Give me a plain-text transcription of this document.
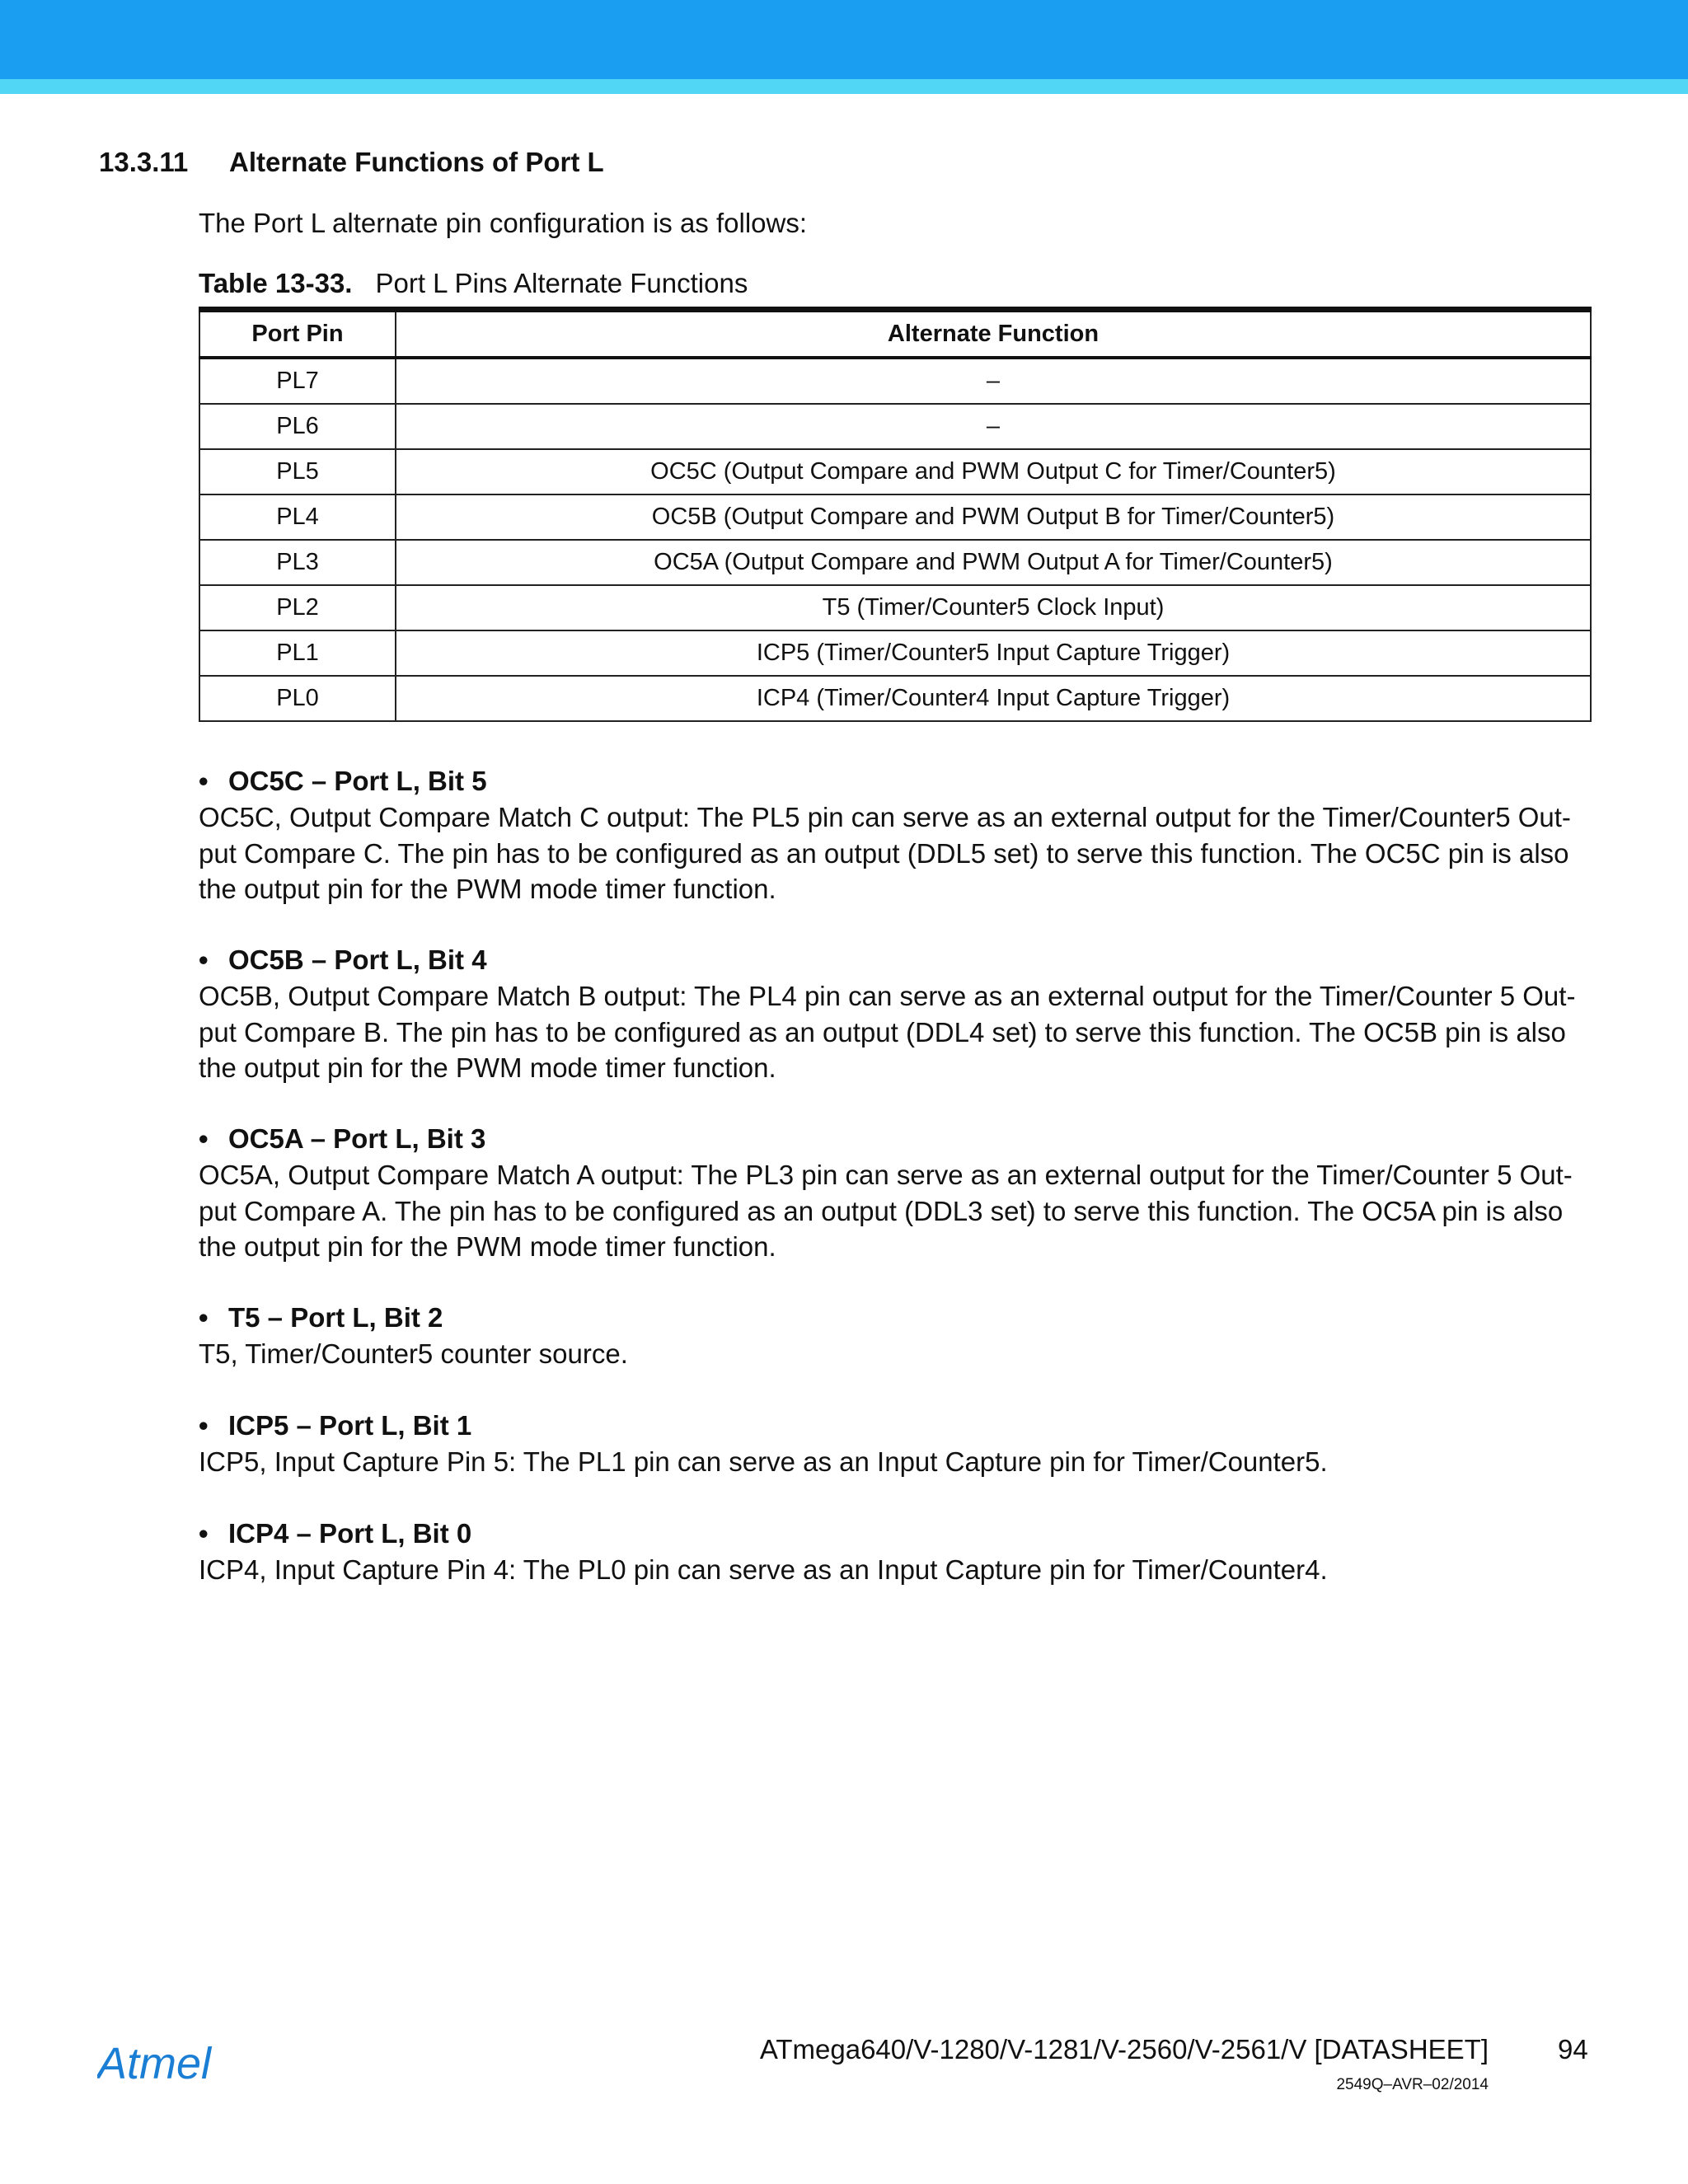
13.3.11 Alternate Functions of Port L
The Port L alternate pin configuration is as follows:
Table 13-33. Port L Pins Alternate Functions
Port Pin	Alternate Function
PL7	–
PL6	–
PL5	OC5C (Output Compare and PWM Output C for Timer/Counter5)
PL4	OC5B (Output Compare and PWM Output B for Timer/Counter5)
PL3	OC5A (Output Compare and PWM Output A for Timer/Counter5)
PL2	T5 (Timer/Counter5 Clock Input)
PL1	ICP5 (Timer/Counter5 Input Capture Trigger)
PL0	ICP4 (Timer/Counter4 Input Capture Trigger)
• OC5C – Port L, Bit 5
OC5C, Output Compare Match C output: The PL5 pin can serve as an external output for the Timer/Counter5 Out-
put Compare C. The pin has to be configured as an output (DDL5 set) to serve this function. The OC5C pin is also
the output pin for the PWM mode timer function.
• OC5B – Port L, Bit 4
OC5B, Output Compare Match B output: The PL4 pin can serve as an external output for the Timer/Counter 5 Out-
put Compare B. The pin has to be configured as an output (DDL4 set) to serve this function. The OC5B pin is also
the output pin for the PWM mode timer function.
• OC5A – Port L, Bit 3
OC5A, Output Compare Match A output: The PL3 pin can serve as an external output for the Timer/Counter 5 Out-
put Compare A. The pin has to be configured as an output (DDL3 set) to serve this function. The OC5A pin is also
the output pin for the PWM mode timer function.
• T5 – Port L, Bit 2
T5, Timer/Counter5 counter source.
• ICP5 – Port L, Bit 1
ICP5, Input Capture Pin 5: The PL1 pin can serve as an Input Capture pin for Timer/Counter5.
• ICP4 – Port L, Bit 0
ICP4, Input Capture Pin 4: The PL0 pin can serve as an Input Capture pin for Timer/Counter4.
Atmel	ATmega640/V-1280/V-1281/V-2560/V-2561/V [DATASHEET]	94
2549Q–AVR–02/2014
